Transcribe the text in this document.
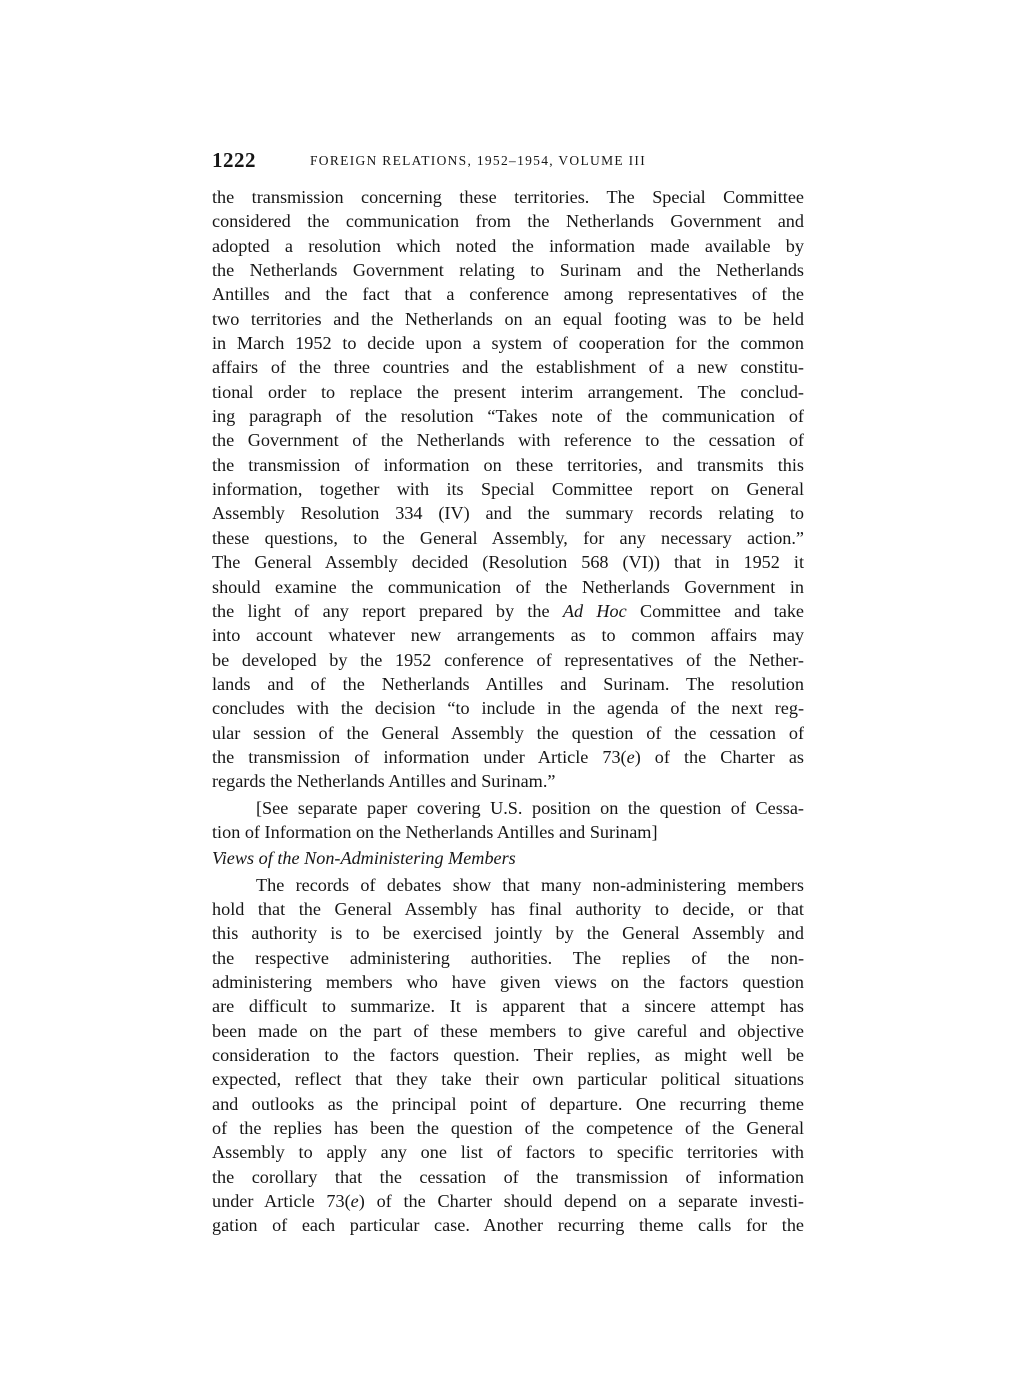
1222	FOREIGN RELATIONS, 1952–1954, VOLUME III
the transmission concerning these territories. The Special Committee
considered the communication from the Netherlands Government and
adopted a resolution which noted the information made available by
the Netherlands Government relating to Surinam and the Netherlands
Antilles and the fact that a conference among representatives of the
two territories and the Netherlands on an equal footing was to be held
in March 1952 to decide upon a system of cooperation for the common
affairs of the three countries and the establishment of a new constitu-
tional order to replace the present interim arrangement. The conclud-
ing paragraph of the resolution “Takes note of the communication of
the Government of the Netherlands with reference to the cessation of
the transmission of information on these territories, and transmits this
information, together with its Special Committee report on General
Assembly Resolution 334 (IV) and the summary records relating to
these questions, to the General Assembly, for any necessary action.”
The General Assembly decided (Resolution 568 (VI)) that in 1952 it
should examine the communication of the Netherlands Government in
the light of any report prepared by the Ad Hoc Committee and take
into account whatever new arrangements as to common affairs may
be developed by the 1952 conference of representatives of the Nether-
lands and of the Netherlands Antilles and Surinam. The resolution
concludes with the decision “to include in the agenda of the next reg-
ular session of the General Assembly the question of the cessation of
the transmission of information under Article 73(e) of the Charter as
regards the Netherlands Antilles and Surinam.”
[See separate paper covering U.S. position on the question of Cessa-
tion of Information on the Netherlands Antilles and Surinam]
Views of the Non-Administering Members
The records of debates show that many non-administering members
hold that the General Assembly has final authority to decide, or that
this authority is to be exercised jointly by the General Assembly and
the respective administering authorities. The replies of the non-
administering members who have given views on the factors question
are difficult to summarize. It is apparent that a sincere attempt has
been made on the part of these members to give careful and objective
consideration to the factors question. Their replies, as might well be
expected, reflect that they take their own particular political situations
and outlooks as the principal point of departure. One recurring theme
of the replies has been the question of the competence of the General
Assembly to apply any one list of factors to specific territories with
the corollary that the cessation of the transmission of information
under Article 73(e) of the Charter should depend on a separate investi-
gation of each particular case. Another recurring theme calls for the
